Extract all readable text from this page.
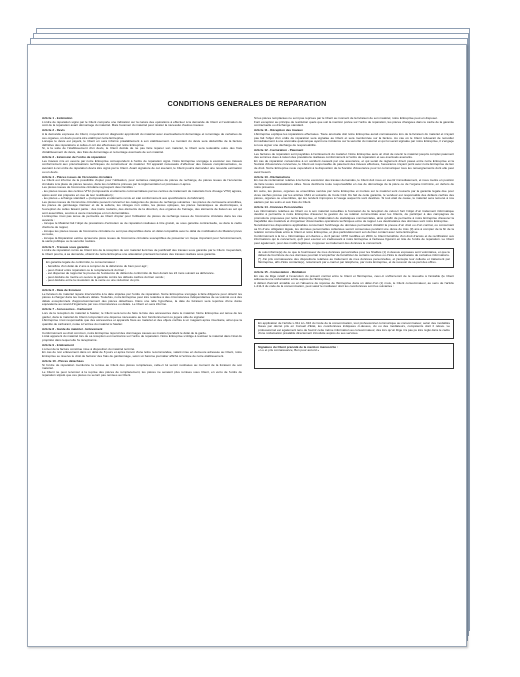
CONDITIONS GENERALES DE REPARATION
Article 1 - Estimation
L'ordre de réparation signé par le Client comporte une indication sur la nature des opérations à effectuer à la demande du Client et l'estimation du coût de la réparation avant démontage du matériel. Mais l'examen du matériel peut révéler la nécessité d'autres travaux.
Article 2 - Devis
A la demande expresse du Client, moyennant un diagnostic approfondi du matériel avec éventuellement démontage et remontage de certaines de ces organes, un devis pourra être établi par notre Entreprise.
Lorsque le devis est payant, le Client en sera informé préalablement à son établissement. Le montant du devis sera déductible de la facture définitive des réparations si celles-ci ont été effectuées par notre Entreprise.
Si, à la suite de l'établissement d'un devis, le Client décide de ne pas faire réparer son matériel, le Client sera redevable outre des frais d'établissement du devis, des frais de démontage et remontage éventuels de son matériel.
Article 3 - Extension de l'ordre de réparation
Les travaux mis en oeuvre par notre Entreprise correspondent à l'ordre de réparation signé. Notre Entreprise s'engage à exécuter ces travaux conformément aux préconisations techniques du constructeur du matériel. S'il apparaît nécessaire d'effectuer des travaux complémentaires, ce avenant à cet ordre de réparation devra être signé par le Client. Avant signature de cet avenant, le Client pourra demander une nouvelle estimation ou un devis.
Article 4 - Pièces issues de l'économie circulaire
Le Client est informé de la possibilité d'opter pour l'utilisation, pour certaines catégories de pièces de rechange, de pièces issues de l'économie circulaire à la place de pièces neuves, dans les conditions prévues par la réglementation et précisées ci-après.
Les pièces issues de l'économie circulaire regroupent deux familles :
- les pièces issues des centres VHU (composants et éléments commercialisés par les centres de traitement de matériels hors d'usage VHU) agréés, après avoir été préparés en vue de leur réutilisation) ;
- les pièces « échange standard » (composants et éléments remis en état conformément aux spécifications du fabricant).
Les pièces issues de l'économie circulaire peuvent concerner les catégories de pièces de rechange suivantes : les pièces de carrosserie amovibles, les pièces de garnissage intérieur et de la sellerie, les vitrages non collés, les pièces optiques, les pièces mécaniques ou électroniques, à l'exception de celles faisant partie : des trains roulants, des éléments de la direction, des organes de freinage, des éléments de liaison au sol qui sont assemblés, soumis à usure mécanique et non démontables.
L'entreprise n'est pas tenue de permettre au Client d'opter pour l'utilisation de pièces de rechange issues de l'économie circulaire dans les cas suivants :
- lorsque le Matériel fait l'objet de prestations d'entretien ou de réparation réalisées à titre gratuit, ou sous garantie contractuelle, ou dans le cadre d'actions de rappel,
- lorsque les pièces issues de l'économie circulaire ne sont pas disponibles dans un délai compatible avec le délai de mobilisation du Matériel prévu au reste,
- lorsque la Réparation estime qu'aucune pièce issues de l'économie circulaire susceptibles de présenter un risque important pour l'environnement, la santé publique ou la sécurité routière.
Article 5 - Travaux sous garantie
L'ordre de réparation remis au Client lors de la réception de son matériel tient lieu de justificatif des travaux sous garantie par le Client. Cependant, le Client pourra, à sa demande, obtenir de notre Entreprise une attestation précisant la nature des travaux réalisés sous garantie.
En garantie légale de conformité, le consommateur :
- bénéficie d'un délai de 2 ans à compter de la délivrance du bien pour agir ;
- peut choisir entre réparation ou le remplacement du bien ;
- est dispensé de rapporter la preuve de l'existence du défaut de conformité du bien durant les 24 mois suivant sa délivrance.
- peut déduire de mettre en oeuvre la garantie contre les défauts cachés du bien vendu ;
- peut déduire entre la résolution de la vente ou une réduction du prix.
Article 6 - Date de livraison
Le livraison du matériel réparé interviendra à la date stipulée par l'ordre de réparation. Notre Entreprise s'engage à faire diligence pour obtenir les pièces à charger dans les meilleurs délais. Toutefois, notre Entreprise peut être retardée à des circonstances indépendantes de sa volonté ou à des délais exceptionnels d'approvisionnement des pièces détachées. Dans une telle hypothèse, la date de livraison sera reportée d'une durée équivalente au retard d'ingénierie par ces circonstances ou délais. Le Client en sera informé.
Article 7 - Accessoires - Carburant
Lors de la réception du matériel à l'atelier, le Client sera tenu de faire la liste des accessoires dans le matériel. Notre Entreprise est tenue de les garder, dans le matériel du Client comportant une dépense nécessaire au bon fonctionnement ou jugera utile de signaler.
L'Entreprise n'est responsable que des accessoires et appareils fixés au matériel et des objets confiés à un magasin après inventaire, ainsi que la quantité de carburant, notée à l'entrée du matériel à l'atelier.
Article 8 - Garde du matériel - Enlèvement
Conformément au droit commun, notre Entreprise répond des dommages causés au matériel pendant le délai de la garde.
L'état apparent du matériel lors de sa réception est mentionné sur l'ordre de réparation. Notre Entreprise s'oblige à restituer le matériel dans l'état du propriété dans lequel elle l'a réceptionné.
Article 9 - Enlèvement
L'envoi de la facture constitue mise à disposition du matériel terminé.
En cas de non enlèvement dans un délai de 8 jours et après l'envoi d'une lettre recommandée, valant mise en demeure adressée au Client, notre Entreprise se réserve le droit de facturer des frais de gardiennage, selon un barème journalier affiché à l'entrée de notre établissement.
Article 10 - Pièces détachées
Si l'ordre de réparation mentionne la remise au Client des pièces remplacées, celle-ci lui seront restituées au moment de la livraison de son matériel.
Le Client ne peut renoncer à la reprise des pièces de remplacement, les pièces ne seraient plus remises sous Client, en vertu de l'ordre de réparation stipulé que ces pièces ne seront pas remises au Client.
Si les pièces remplacées ne sont pas reprises par le Client au moment de la livraison de son matériel, notre Entreprise peut en disposer.
Font exception au principe de restitution quels que soit la mention portée sur l'ordre de réparation, les pièces changées dans le cadre de la garantie contractuelle ou d'échange standard.
Article 11 - Réception des travaux
L'Entreprise explique les réparations effectuées. Toute anomalie doit notre Entreprise aurait connaissance lors de la livraison du matériel et n'ayant pas fait l'objet d'un ordre de réparation sera signalée au Client et sera mentionnée sur la facture. Au cas où le Client refuserait de remédier immédiatement à une anomalie quelconque ayant une incidence sur la sécurité du matériel et qui lui serait signalée par notre Entreprise, il s'engage à nous signer une décharge de responsabilité.
Article 12 - Facturation - Paiement
Les factures de réparation sont payables à l'enlèvement du matériel. Notre Entreprise aura un droit de retenir le matériel jusqu'à complet paiement des sommes dues à raison des prestations réalisées conformément à l'ordre de réparation et ses éventuels avenants.
En cas de réparation consécutive à un accident causant par une assurance, et qui serait de règlement direct passé entre notre Entreprise et la Société d'Assurance concernée, le Client est responsable du paiement des travaux effectués, l'assurance n'ayant point avec notre Entreprise de lien de droit. Notre Entreprise reste cependant à la disposition de la Société d'Assurance pour lui communiquer tous les renseignements dont elle peut avoir besoin.
Article 13 - Réclamations
En cas de réclamation relative à la bonne exécution des travaux demandés, le Client doit nous en avertir immédiatement, et nous mettre en position de faire toutes constatations utiles. Nous déclinons toute responsabilité en cas de démontage de la pièce ou de l'organe incriminé, en dehors de notre présence.
En outre, les pièces, organes ou ensembles vendus par notre Entreprise et montés sur le matériel sont couverts par la garantie légale due pour vices cachés prévue par les articles 1641 et suivants du Code Civil. Du fait de cette garantie, le vendeur est responsable des défauts cachés des pièces, organes ou ensembles, qui les rendent impropres à l'usage auquel ils sont destinés. Si tout était de cause, le matériel sera remené à nos ateliers par les soins et aux frais du Client.
Article 14 - Données Personnelles
Les informations relatives au Client ou à son matériel recueillies à l'occasion de la réception de celui-ci font l'objet d'un traitement informatique destiné à permettre à notre Entreprise d'assurer la gestion de sa relation commerciale avec les Clients, de participer à des campagnes de promotions proposées par notre Entreprise, et l'élaboration de statistiques commerciales, ainsi qu'afin de permettre à notre Entreprise d'assurer la traçabilité des matériels et d'organiser d'éventuelles opérations techniques et/ou de rappel. Les destinataires des données sont notre Entreprise.
Nonobstant les dispositions applicables concernant l'archivage de données permettant d'établir la preuve d'un droit ou d'un contrat, ou concernant sa fin d'une obligation légale, les données personnelles collectées seront conservées pendant une durée de trois (3) ans à compter de la fin de la relation commerciale entre le Client et notre Entreprise, et plus particulièrement son dernier contact avec notre Entreprise.
Conformément à la loi « Informatique et Libertés » du 6 janvier 1978 modifiée en 2004, le Client bénéficie d'un droit d'accès et de rectification aux informations qui le concernent, qu'il peut exercer en s'adressant à notre Entreprise à l'adresse figurant en tête de l'ordre de réparation. Le Client peut également, pour des motifs légitimes, s'opposer au traitement des données le concernant.
Je suis informé(e) de ce que le fournisseur de mes données personnelles pour les finalités (1) ci-dessus exposées sont volontaires, et que le défaut de fourniture de ces données pourrait m'empêcher de bénéficier de certains services ou d'être le destinataire de certaines informations.
(*) J'ai pris connaissance des dispositions relatives au traitement de mes données personnelles, et j'accepte leur collecte et traitement par l'Entreprise, afin d'être contacté(e), notamment par e-mail et par téléphone, par notre Entreprise, et de recevoir de sa part des offres.
Article 15 - Contestation - Médiation
En cas de litige relatif à l'exécution du présent contrat entre le Client et l'Entreprise, ceux-ci s'efforceront de le résoudre à l'amiable (le Client adressera une réclamation écrite auprès de l'Entreprise).
A défaut d'accord amiable ou en l'absence de réponse de l'Entreprise dans un délai d'un (1) mois, le Client consommateur, au sens de l'article L.211-3 du code de la consommation, peut saisir le médiateur dont les coordonnées sont les suivantes :
En application de l'article L.611 à L.616 du Code de la consommation, tout professionnel communique au consommateur, selon des modalités fixées par décret pris en Conseil d'Etat, les coordonnées indiquées ci-dessus, du ou des médiateurs, compétents dont il relève. Le professionnel est également tenu de fournir cette même information au consommateur, dès lors qu'un litige n'a pas pu être réglé dans le cadre d'une réclamation préalable directement introduite auprès de ses services.
Signature du Client précédé de la mention manuscrite :
« Lu et pris connaissance, Bon pour accord »
